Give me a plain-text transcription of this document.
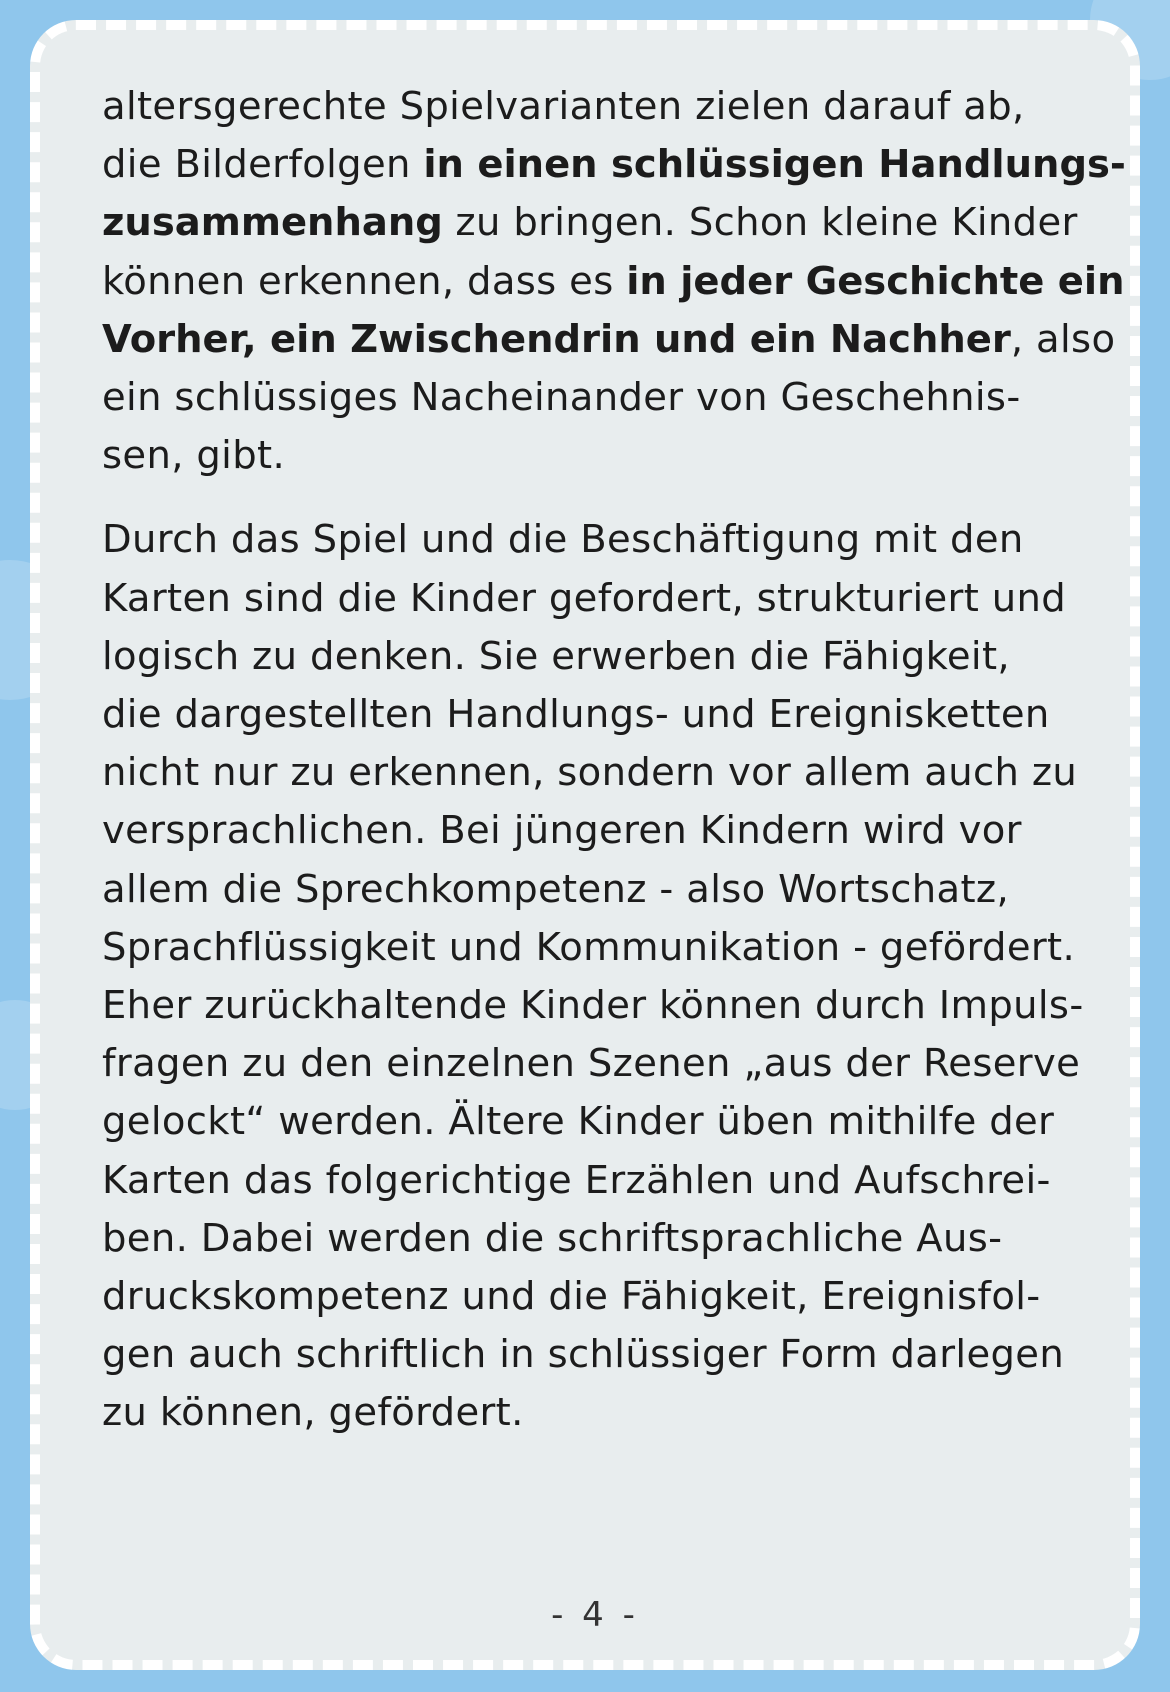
altersgerechte Spielvarianten zielen darauf ab,
die Bilderfolgen in einen schlüssigen Handlungs-
zusammenhang zu bringen. Schon kleine Kinder
können erkennen, dass es in jeder Geschichte ein
Vorher, ein Zwischendrin und ein Nachher, also
ein schlüssiges Nacheinander von Geschehnis-
sen, gibt.

Durch das Spiel und die Beschäftigung mit den
Karten sind die Kinder gefordert, strukturiert und
logisch zu denken. Sie erwerben die Fähigkeit,
die dargestellten Handlungs- und Ereignisketten
nicht nur zu erkennen, sondern vor allem auch zu
versprachlichen. Bei jüngeren Kindern wird vor
allem die Sprechkompetenz - also Wortschatz,
Sprachflüssigkeit und Kommunikation - gefördert.
Eher zurückhaltende Kinder können durch Impuls-
fragen zu den einzelnen Szenen „aus der Reserve
gelockt“ werden. Ältere Kinder üben mithilfe der
Karten das folgerichtige Erzählen und Aufschrei-
ben. Dabei werden die schriftsprachliche Aus-
druckskompetenz und die Fähigkeit, Ereignisfol-
gen auch schriftlich in schlüssiger Form darlegen
zu können, gefördert.

- 4 -
